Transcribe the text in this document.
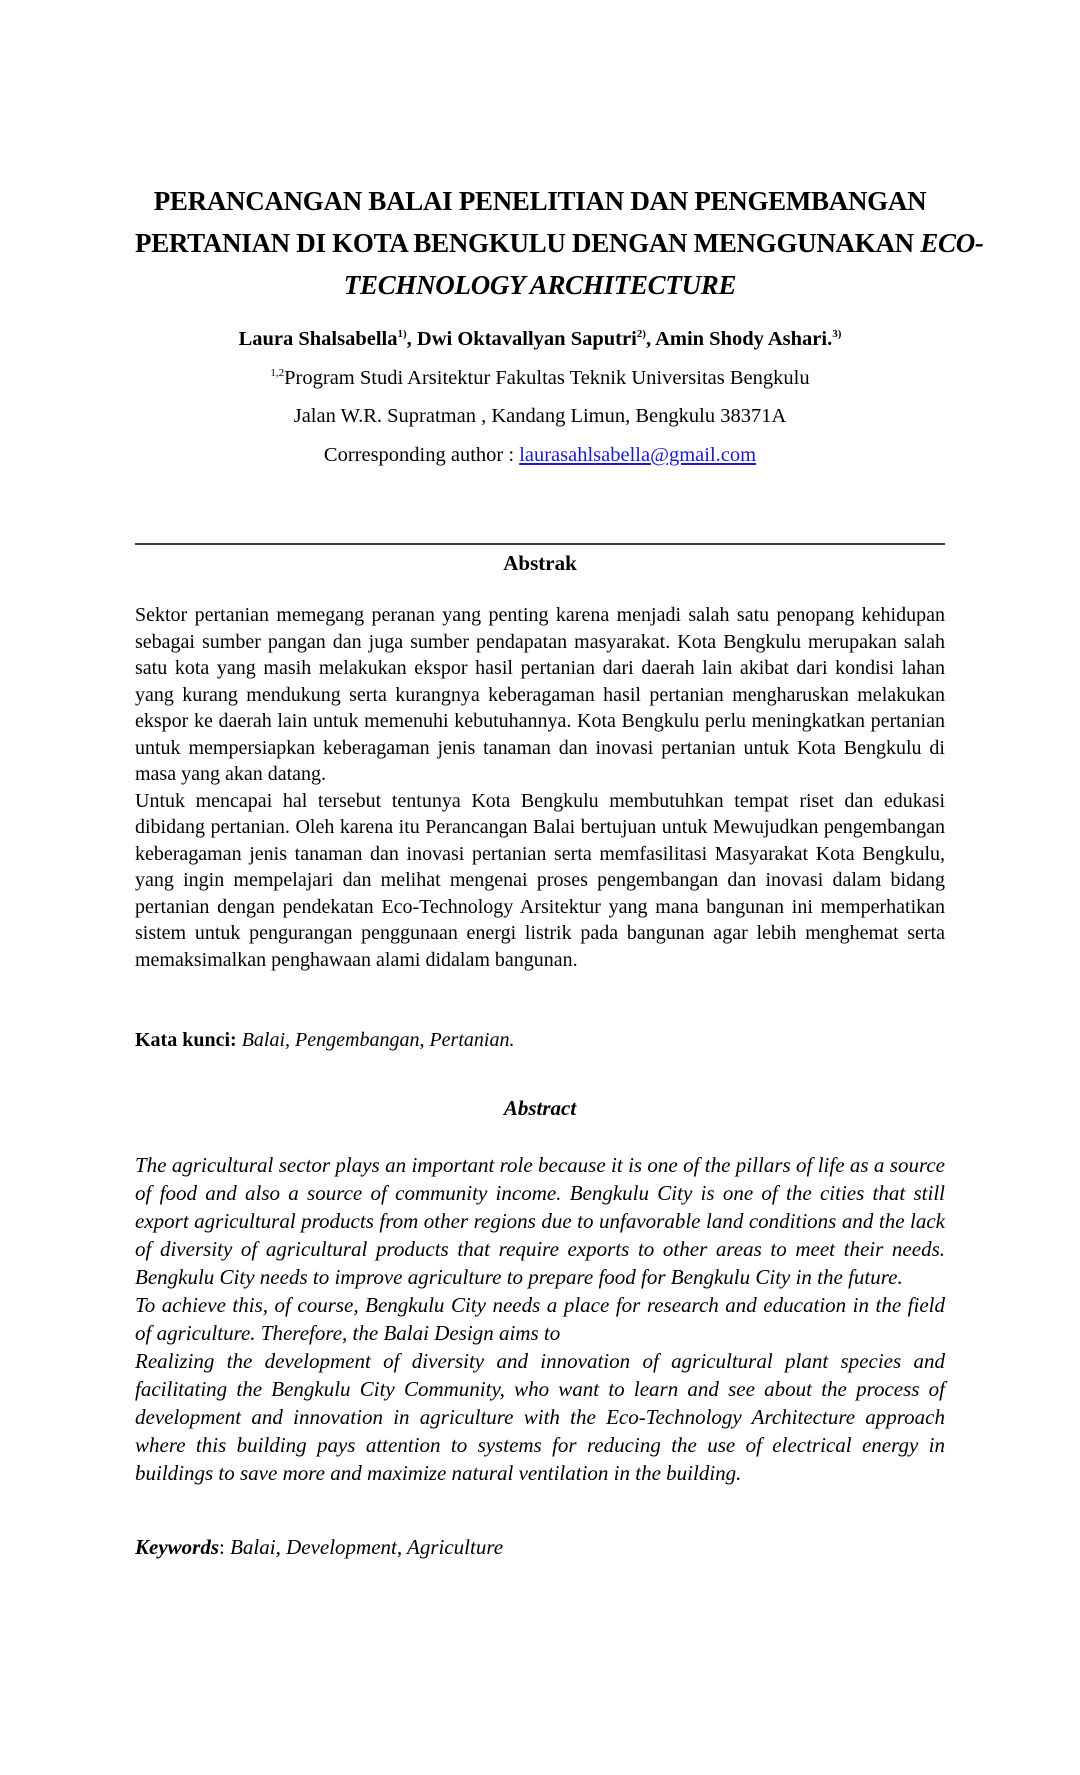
PERANCANGAN BALAI PENELITIAN DAN PENGEMBANGAN
PERTANIAN DI KOTA BENGKULU DENGAN MENGGUNAKAN ECO-
TECHNOLOGY ARCHITECTURE

Laura Shalsabella$^{1)}$, Dwi Oktavallyan Saputri$^{2)}$, Amin Shody Ashari.$^{3)}$

$^{1,2}$Program Studi Arsitektur Fakultas Teknik Universitas Bengkulu

Jalan W.R. Supratman , Kandang Limun, Bengkulu 38371A

Corresponding author : laurasahlsabella@gmail.com

Abstrak

Sektor pertanian memegang peranan yang penting karena menjadi salah satu penopang kehidupan sebagai sumber pangan dan juga sumber pendapatan masyarakat. Kota Bengkulu merupakan salah satu kota yang masih melakukan ekspor hasil pertanian dari daerah lain akibat dari kondisi lahan yang kurang mendukung serta kurangnya keberagaman hasil pertanian mengharuskan melakukan ekspor ke daerah lain untuk memenuhi kebutuhannya. Kota Bengkulu perlu meningkatkan pertanian untuk mempersiapkan keberagaman jenis tanaman dan inovasi pertanian untuk Kota Bengkulu di masa yang akan datang.

Untuk mencapai hal tersebut tentunya Kota Bengkulu membutuhkan tempat riset dan edukasi dibidang pertanian. Oleh karena itu Perancangan Balai bertujuan untuk Mewujudkan pengembangan keberagaman jenis tanaman dan inovasi pertanian serta memfasilitasi Masyarakat Kota Bengkulu, yang ingin mempelajari dan melihat mengenai proses pengembangan dan inovasi dalam bidang pertanian dengan pendekatan Eco-Technology Arsitektur yang mana bangunan ini memperhatikan sistem untuk pengurangan penggunaan energi listrik pada bangunan agar lebih menghemat serta memaksimalkan penghawaan alami didalam bangunan.

Kata kunci: Balai, Pengembangan, Pertanian.

Abstract

The agricultural sector plays an important role because it is one of the pillars of life as a source of food and also a source of community income. Bengkulu City is one of the cities that still export agricultural products from other regions due to unfavorable land conditions and the lack of diversity of agricultural products that require exports to other areas to meet their needs. Bengkulu City needs to improve agriculture to prepare food for Bengkulu City in the future.

To achieve this, of course, Bengkulu City needs a place for research and education in the field of agriculture. Therefore, the Balai Design aims to

Realizing the development of diversity and innovation of agricultural plant species and facilitating the Bengkulu City Community, who want to learn and see about the process of development and innovation in agriculture with the Eco-Technology Architecture approach where this building pays attention to systems for reducing the use of electrical energy in buildings to save more and maximize natural ventilation in the building.

Keywords: Balai, Development, Agriculture
